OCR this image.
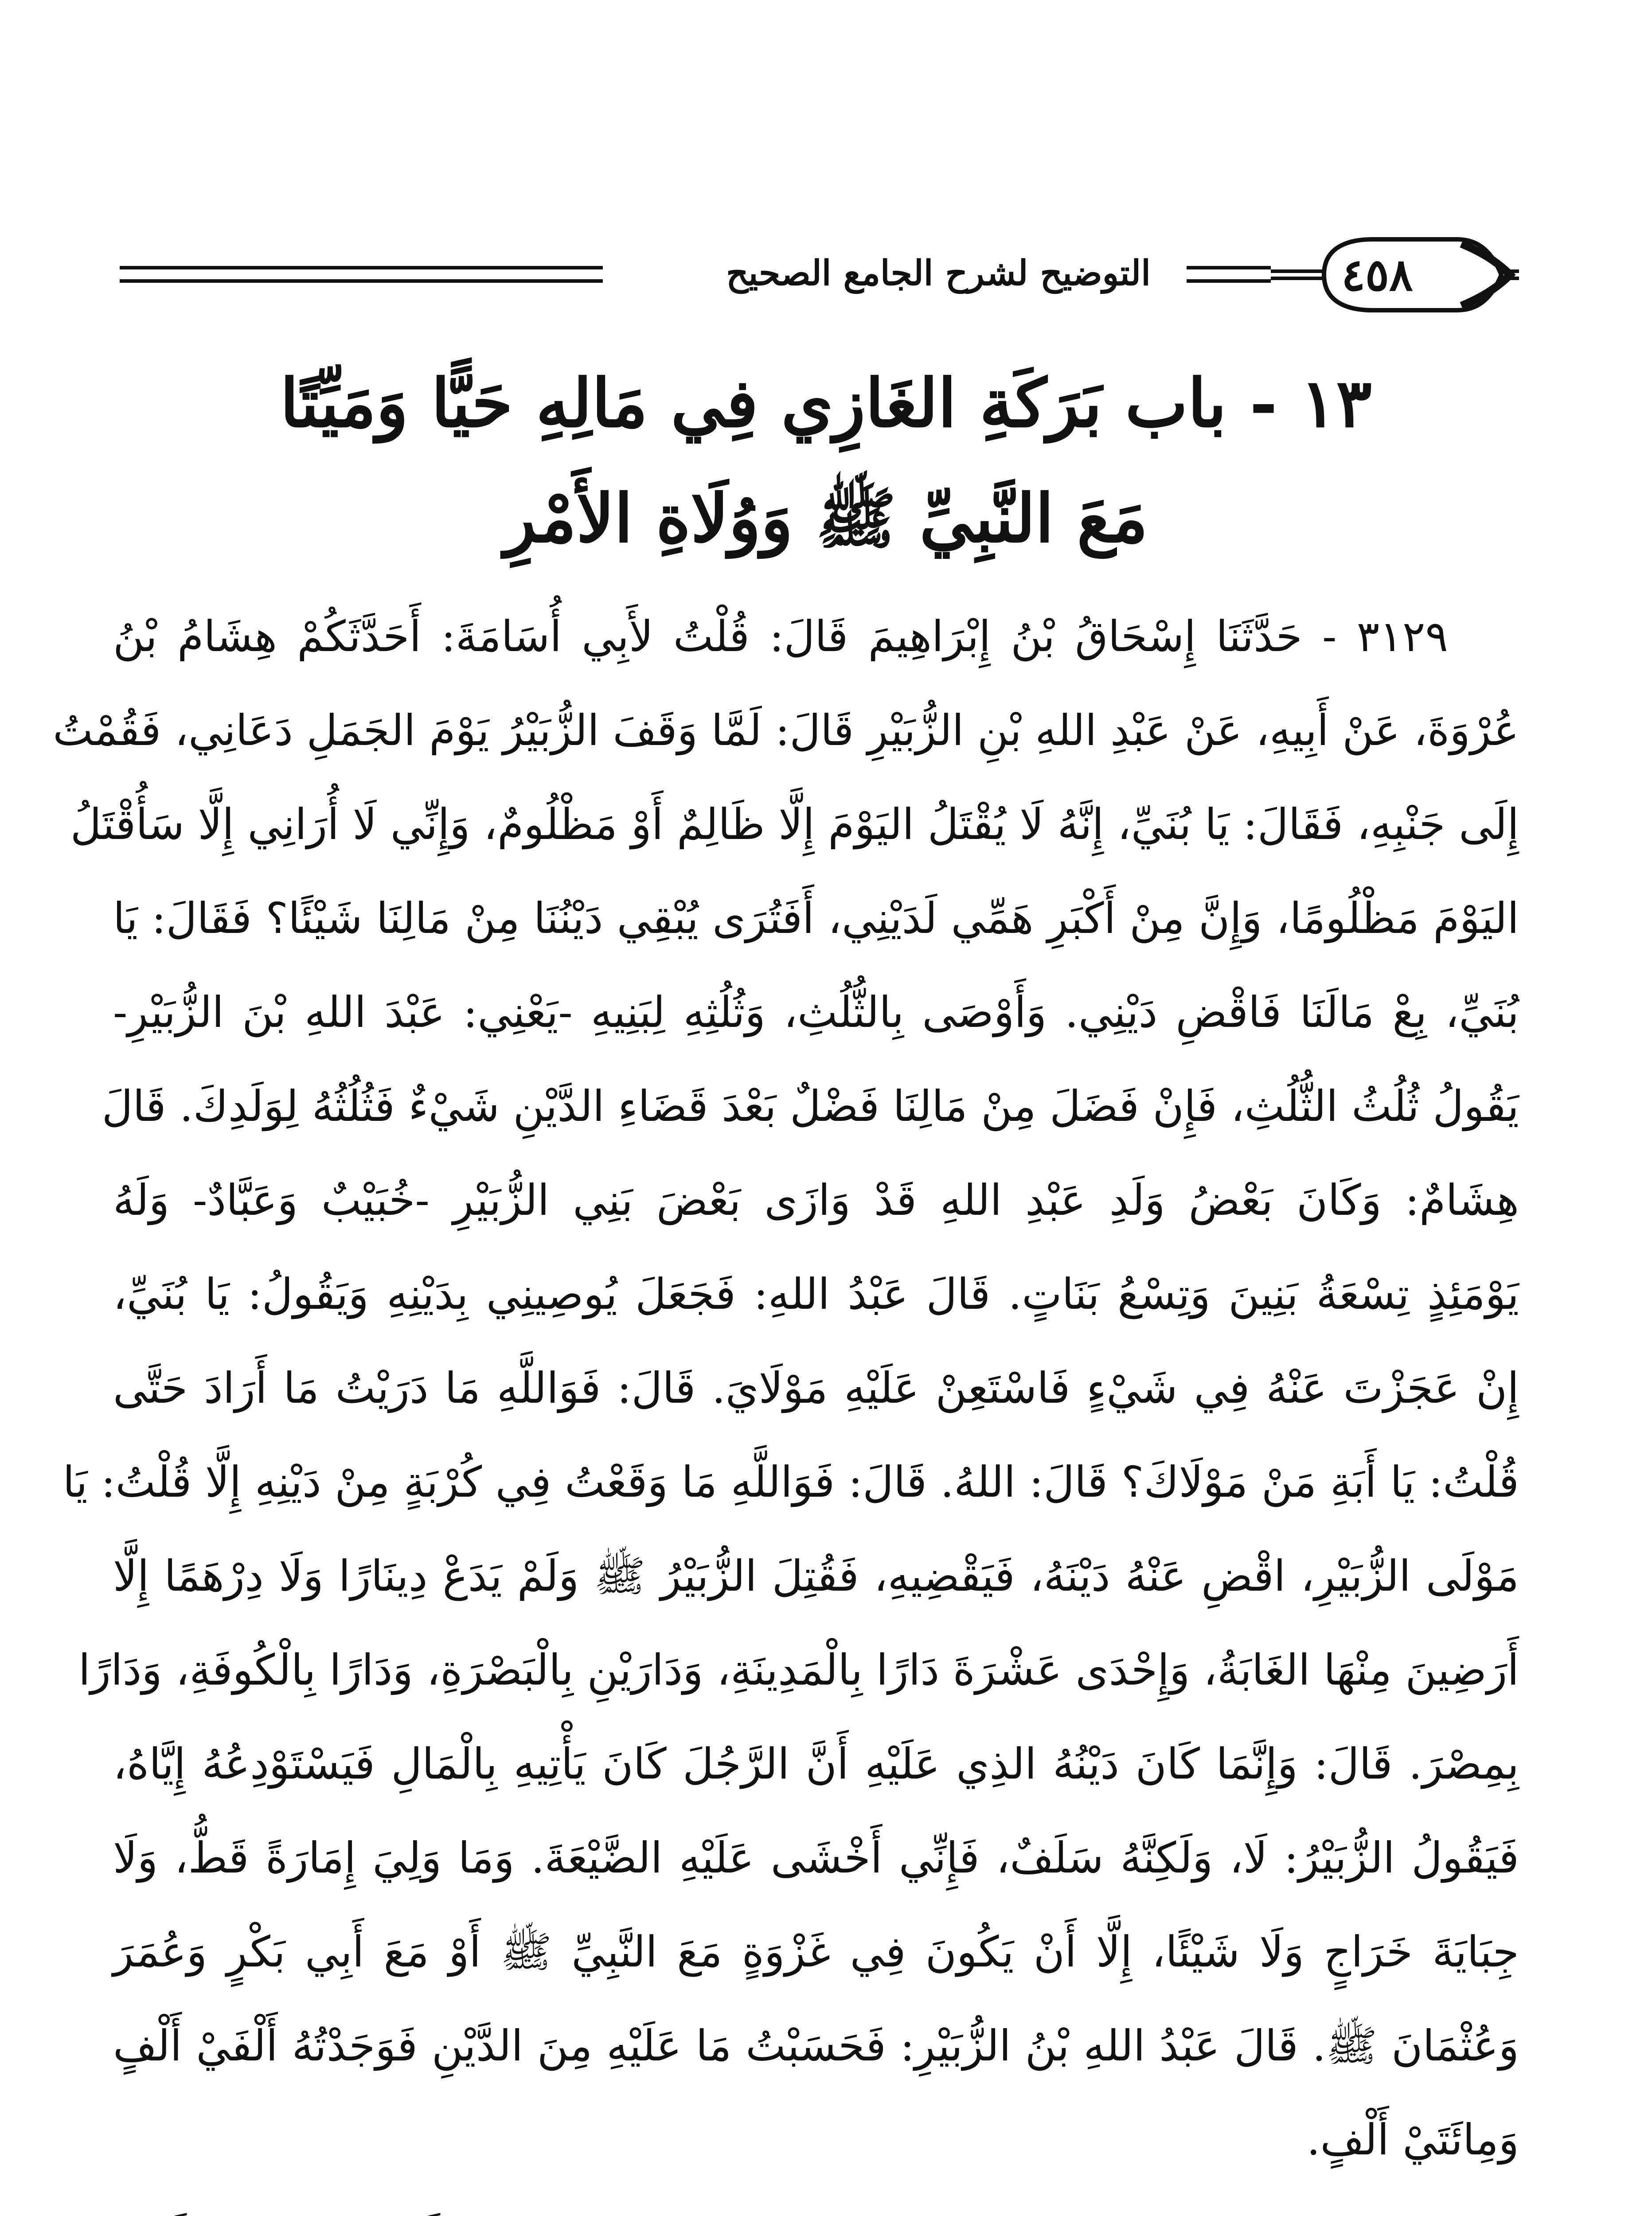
٤٥٨
التوضيح لشرح الجامع الصحيح
١٣ - باب بَرَكَةِ الغَازِي فِي مَالِهِ حَيًّا وَمَيِّتًا
مَعَ النَّبِيِّ ﷺ وَوُلَاةِ الأَمْرِ
٣١٢٩ - حَدَّثَنَا إِسْحَاقُ بْنُ إِبْرَاهِيمَ قَالَ: قُلْتُ لأَبِي أُسَامَةَ: أَحَدَّثَكُمْ هِشَامُ بْنُ
عُرْوَةَ، عَنْ أَبِيهِ، عَنْ عَبْدِ اللهِ بْنِ الزُّبَيْرِ قَالَ: لَمَّا وَقَفَ الزُّبَيْرُ يَوْمَ الجَمَلِ دَعَانِي، فَقُمْتُ
إِلَى جَنْبِهِ، فَقَالَ: يَا بُنَيِّ، إِنَّهُ لَا يُقْتَلُ اليَوْمَ إِلَّا ظَالِمٌ أَوْ مَظْلُومٌ، وَإِنِّي لَا أُرَانِي إِلَّا سَأُقْتَلُ
اليَوْمَ مَظْلُومًا، وَإِنَّ مِنْ أَكْبَرِ هَمِّي لَدَيْنِي، أَفَتُرَى يُبْقِي دَيْنُنَا مِنْ مَالِنَا شَيْئًا؟ فَقَالَ: يَا
بُنَيِّ، بِعْ مَالَنَا فَاقْضِ دَيْنِي. وَأَوْصَى بِالثُّلُثِ، وَثُلُثِهِ لِبَنِيهِ -يَعْنِي: عَبْدَ اللهِ بْنَ الزُّبَيْرِ-
يَقُولُ ثُلُثُ الثُّلُثِ، فَإِنْ فَضَلَ مِنْ مَالِنَا فَضْلٌ بَعْدَ قَضَاءِ الدَّيْنِ شَيْءٌ فَثُلُثُهُ لِوَلَدِكَ. قَالَ
هِشَامٌ: وَكَانَ بَعْضُ وَلَدِ عَبْدِ اللهِ قَدْ وَازَى بَعْضَ بَنِي الزُّبَيْرِ -خُبَيْبٌ وَعَبَّادٌ- وَلَهُ
يَوْمَئِذٍ تِسْعَةُ بَنِينَ وَتِسْعُ بَنَاتٍ. قَالَ عَبْدُ اللهِ: فَجَعَلَ يُوصِينِي بِدَيْنِهِ وَيَقُولُ: يَا بُنَيِّ،
إِنْ عَجَزْتَ عَنْهُ فِي شَيْءٍ فَاسْتَعِنْ عَلَيْهِ مَوْلَايَ. قَالَ: فَوَاللَّهِ مَا دَرَيْتُ مَا أَرَادَ حَتَّى
قُلْتُ: يَا أَبَةِ مَنْ مَوْلَاكَ؟ قَالَ: اللهُ. قَالَ: فَوَاللَّهِ مَا وَقَعْتُ فِي كُرْبَةٍ مِنْ دَيْنِهِ إِلَّا قُلْتُ: يَا
مَوْلَى الزُّبَيْرِ، اقْضِ عَنْهُ دَيْنَهُ، فَيَقْضِيهِ، فَقُتِلَ الزُّبَيْرُ ﷺ وَلَمْ يَدَعْ دِينَارًا وَلَا دِرْهَمًا إِلَّا
أَرَضِينَ مِنْهَا الغَابَةُ، وَإِحْدَى عَشْرَةَ دَارًا بِالْمَدِينَةِ، وَدَارَيْنِ بِالْبَصْرَةِ، وَدَارًا بِالْكُوفَةِ، وَدَارًا
بِمِصْرَ. قَالَ: وَإِنَّمَا كَانَ دَيْنُهُ الذِي عَلَيْهِ أَنَّ الرَّجُلَ كَانَ يَأْتِيهِ بِالْمَالِ فَيَسْتَوْدِعُهُ إِيَّاهُ،
فَيَقُولُ الزُّبَيْرُ: لَا، وَلَكِنَّهُ سَلَفٌ، فَإِنِّي أَخْشَى عَلَيْهِ الضَّيْعَةَ. وَمَا وَلِيَ إِمَارَةً قَطُّ، وَلَا
جِبَايَةَ خَرَاجٍ وَلَا شَيْئًا، إِلَّا أَنْ يَكُونَ فِي غَزْوَةٍ مَعَ النَّبِيِّ ﷺ أَوْ مَعَ أَبِي بَكْرٍ وَعُمَرَ
وَعُثْمَانَ ﷺ. قَالَ عَبْدُ اللهِ بْنُ الزُّبَيْرِ: فَحَسَبْتُ مَا عَلَيْهِ مِنَ الدَّيْنِ فَوَجَدْتُهُ أَلْفَيْ أَلْفٍ
وَمِائَتَيْ أَلْفٍ.
